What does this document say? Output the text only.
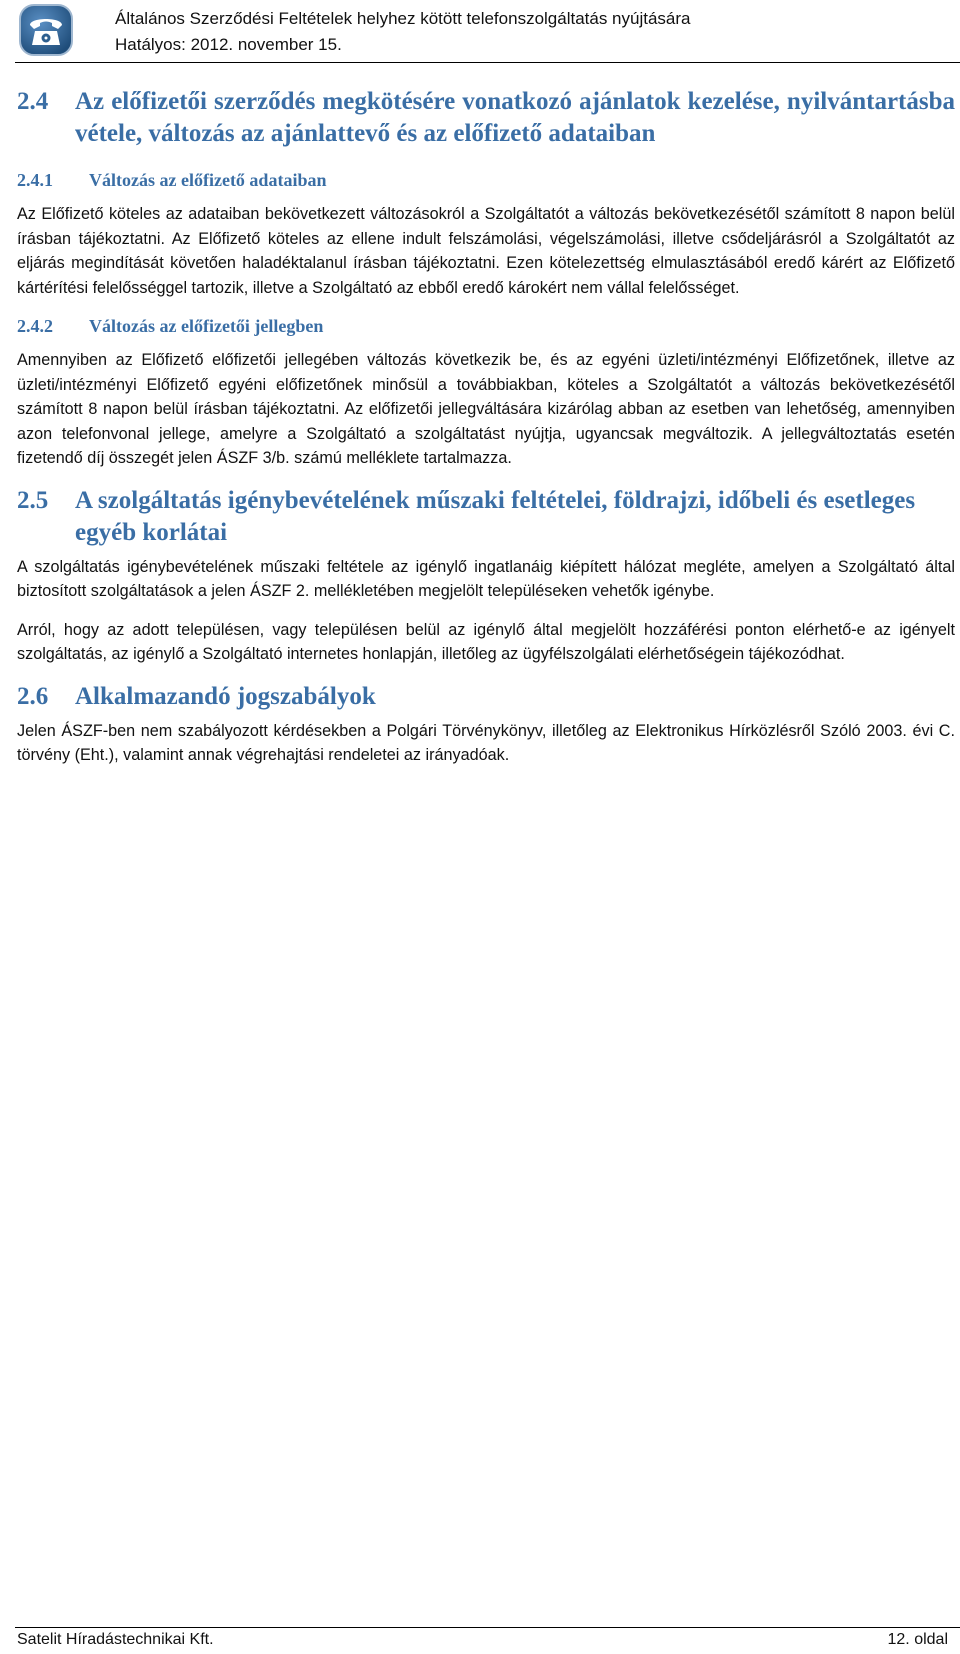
Általános Szerződési Feltételek helyhez kötött telefonszolgáltatás nyújtására
Hatályos: 2012. november 15.
2.4	Az előfizetői szerződés megkötésére vonatkozó ajánlatok kezelése, nyilvántartásba vétele, változás az ajánlattevő és az előfizető adataiban
2.4.1	Változás az előfizető adataiban

Az Előfizető köteles az adataiban bekövetkezett változásokról a Szolgáltatót a változás bekövetkezésétől számított 8 napon belül írásban tájékoztatni. Az Előfizető köteles az ellene indult felszámolási, végelszámolási, illetve csődeljárásról a Szolgáltatót az eljárás megindítását követően haladéktalanul írásban tájékoztatni. Ezen kötelezettség elmulasztásából eredő kárért az Előfizető kártérítési felelősséggel tartozik, illetve a Szolgáltató az ebből eredő károkért nem vállal felelősséget.

2.4.2	Változás az előfizetői jellegben

Amennyiben az Előfizető előfizetői jellegében változás következik be, és az egyéni üzleti/intézményi Előfizetőnek, illetve az üzleti/intézményi Előfizető egyéni előfizetőnek minősül a továbbiakban, köteles a Szolgáltatót a változás bekövetkezésétől számított 8 napon belül írásban tájékoztatni. Az előfizetői jellegváltására kizárólag abban az esetben van lehetőség, amennyiben azon telefonvonal jellege, amelyre a Szolgáltató a szolgáltatást nyújtja, ugyancsak megváltozik. A jellegváltoztatás esetén fizetendő díj összegét jelen ÁSZF 3/b. számú melléklete tartalmazza.

2.5	A szolgáltatás igénybevételének műszaki feltételei, földrajzi, időbeli és esetleges egyéb korlátai

A szolgáltatás igénybevételének műszaki feltétele az igénylő ingatlanáig kiépített hálózat megléte, amelyen a Szolgáltató által biztosított szolgáltatások a jelen ÁSZF 2. mellékletében megjelölt településeken vehetők igénybe.

Arról, hogy az adott településen, vagy településen belül az igénylő által megjelölt hozzáférési ponton elérhető-e az igényelt szolgáltatás, az igénylő a Szolgáltató internetes honlapján, illetőleg az ügyfélszolgálati elérhetőségein tájékozódhat.

2.6	Alkalmazandó jogszabályok

Jelen ÁSZF-ben nem szabályozott kérdésekben a Polgári Törvénykönyv, illetőleg az Elektronikus Hírközlésről Szóló 2003. évi C. törvény (Eht.), valamint annak végrehajtási rendeletei az irányadóak.

Satelit Híradástechnikai Kft.	12. oldal
